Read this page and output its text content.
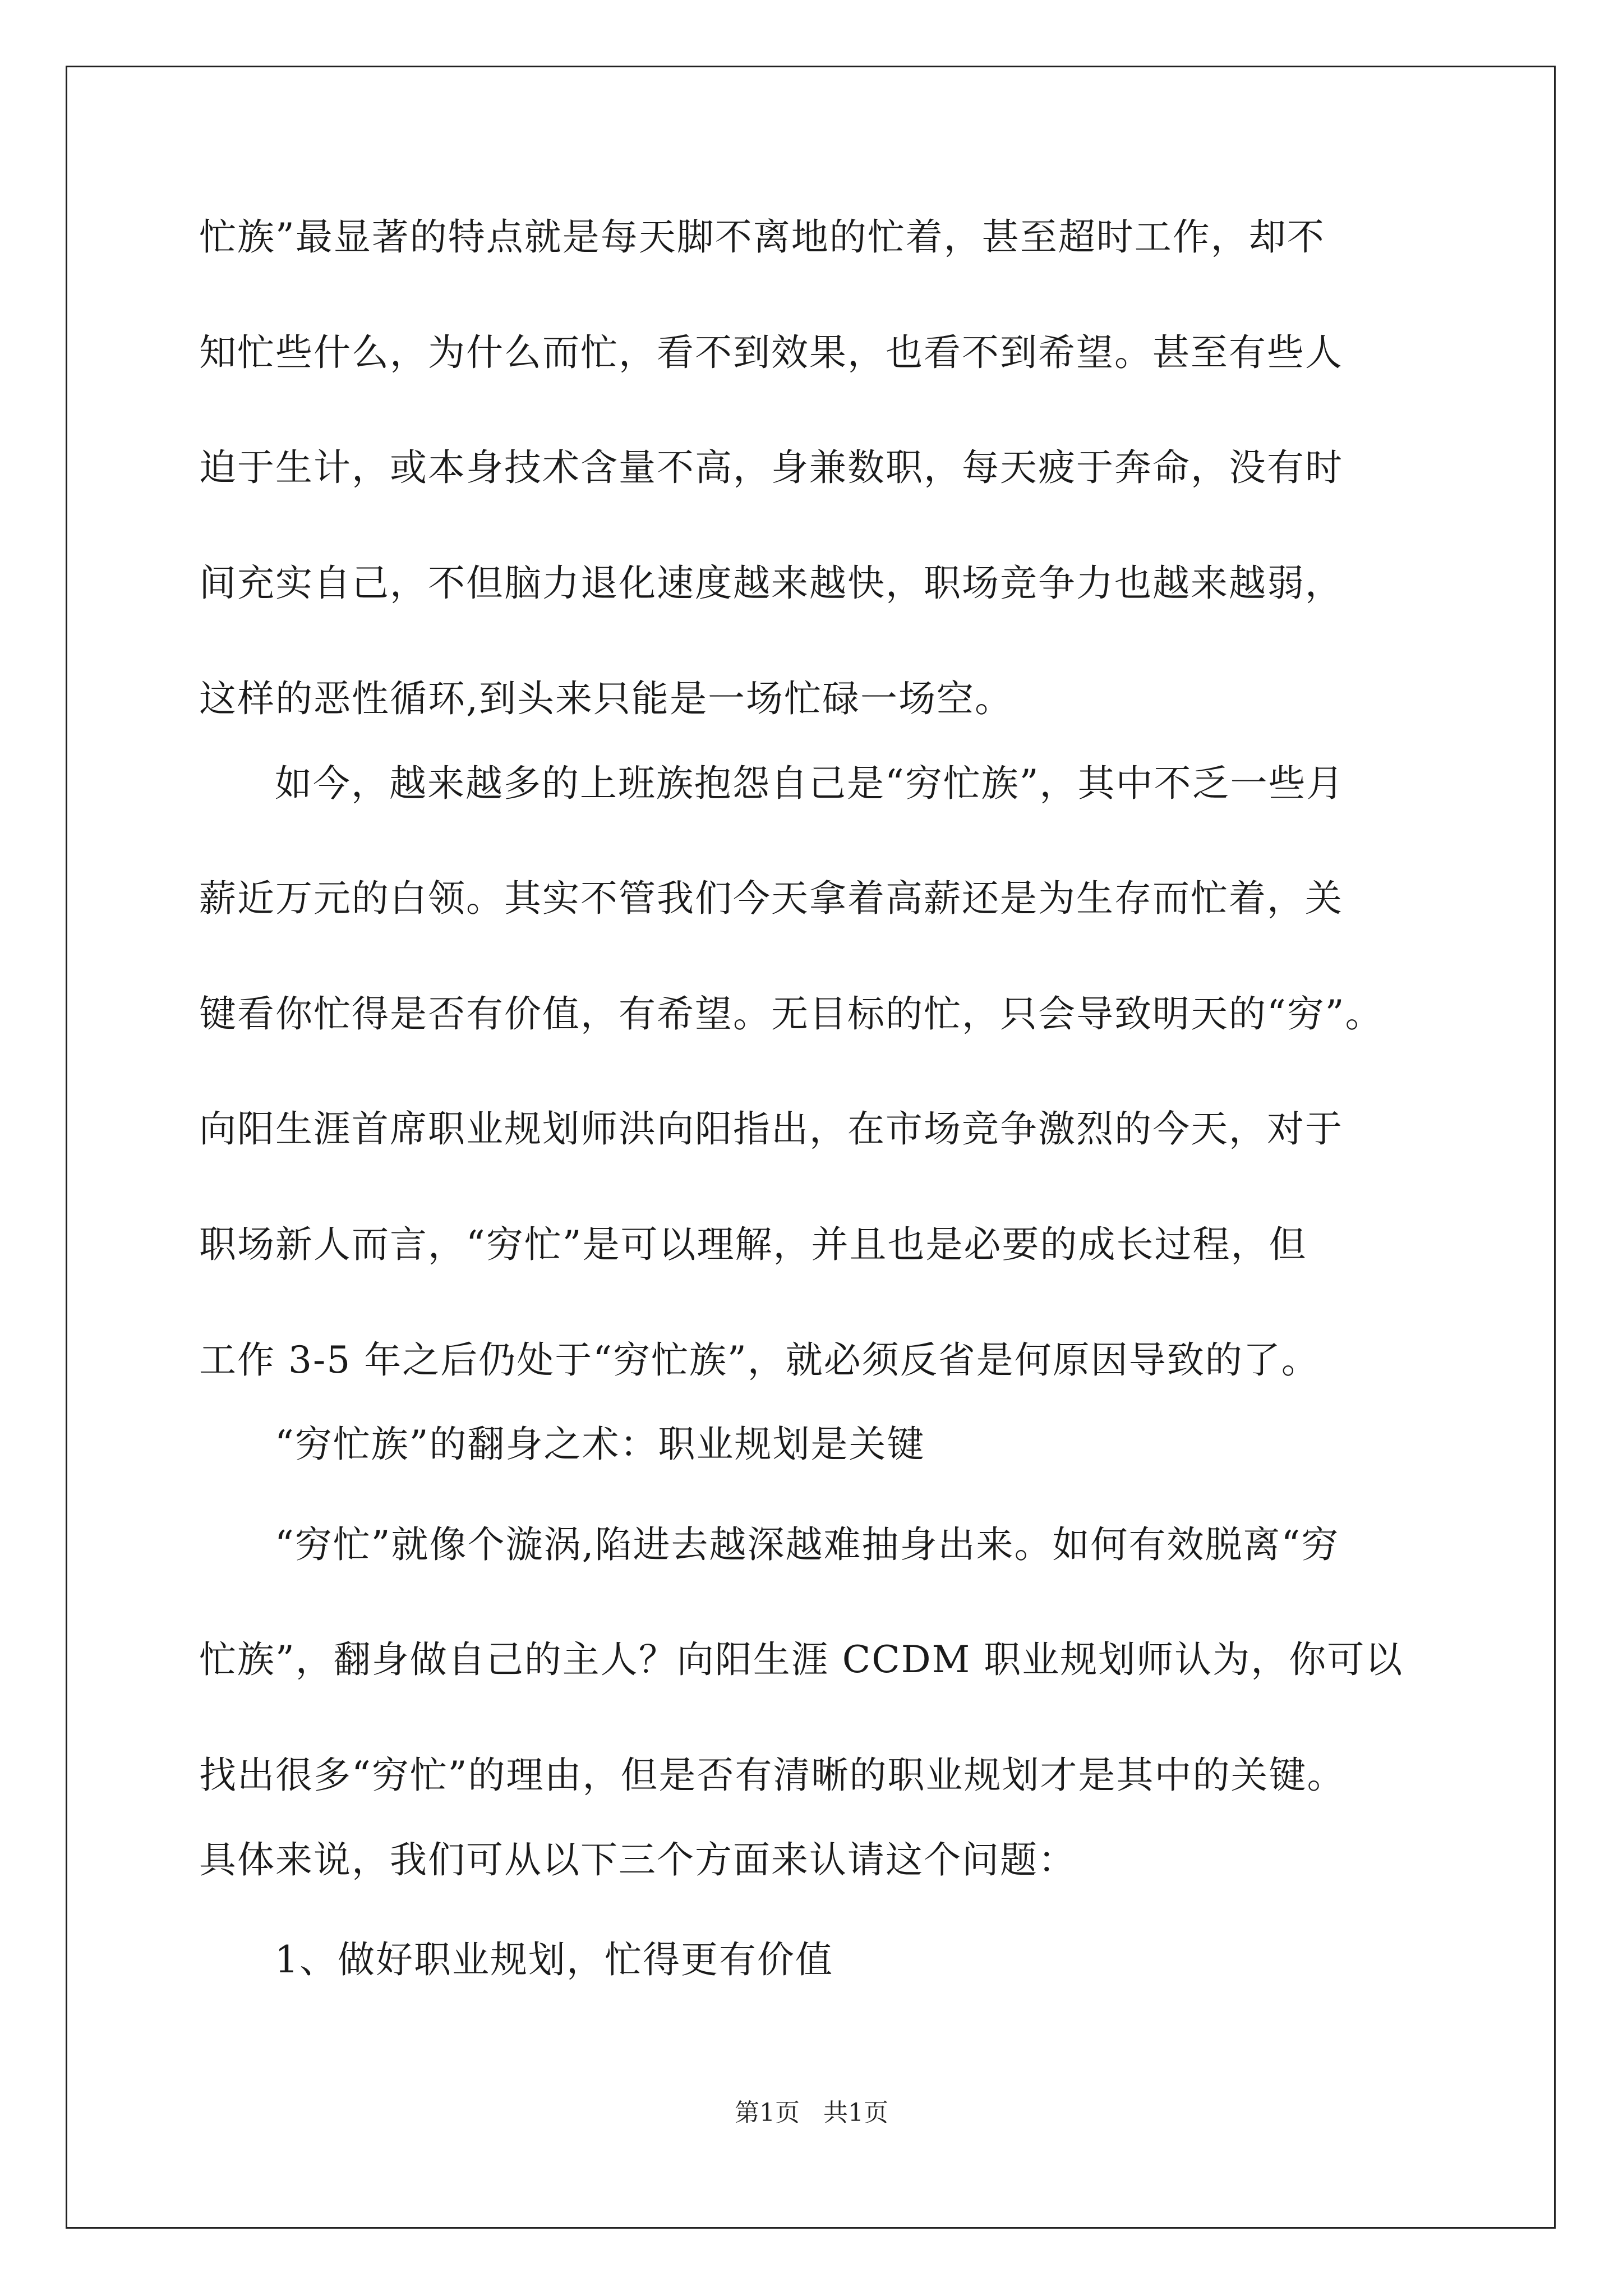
忙族”最显著的特点就是每天脚不离地的忙着，甚至超时工作，却不
知忙些什么，为什么而忙，看不到效果，也看不到希望。甚至有些人
迫于生计，或本身技术含量不高，身兼数职，每天疲于奔命，没有时
间充实自己，不但脑力退化速度越来越快，职场竞争力也越来越弱，
这样的恶性循环,到头来只能是一场忙碌一场空。
如今，越来越多的上班族抱怨自己是“穷忙族”，其中不乏一些月
薪近万元的白领。其实不管我们今天拿着高薪还是为生存而忙着，关
键看你忙得是否有价值，有希望。无目标的忙，只会导致明天的“穷”。
向阳生涯首席职业规划师洪向阳指出，在市场竞争激烈的今天，对于
职场新人而言，“穷忙”是可以理解，并且也是必要的成长过程，但
工作 3-5 年之后仍处于“穷忙族”，就必须反省是何原因导致的了。
“穷忙族”的翻身之术：职业规划是关键
“穷忙”就像个漩涡,陷进去越深越难抽身出来。如何有效脱离“穷
忙族”，翻身做自己的主人？向阳生涯 CCDM 职业规划师认为，你可以
找出很多“穷忙”的理由，但是否有清晰的职业规划才是其中的关键。
具体来说，我们可从以下三个方面来认请这个问题：
1、做好职业规划，忙得更有价值
第1页   共1页
